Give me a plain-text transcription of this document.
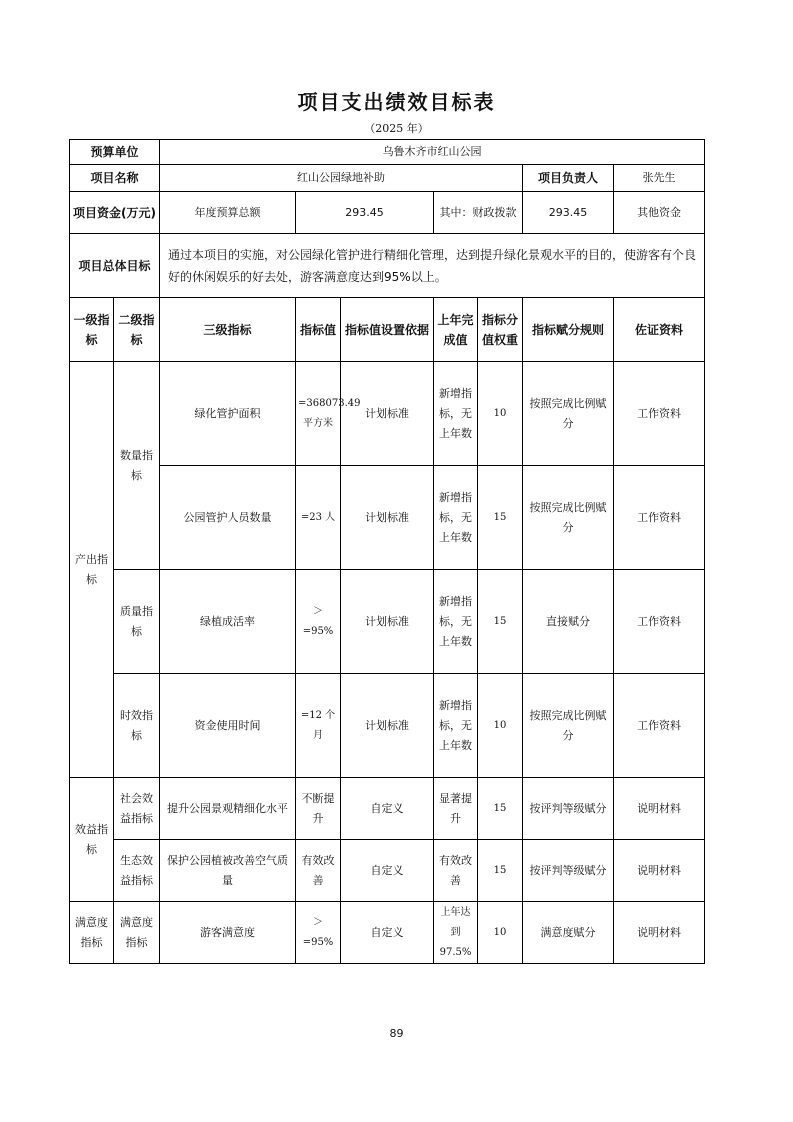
项目支出绩效目标表
（2025 年）
预算单位		乌鲁木齐市红山公园							
项目名称		红山公园绿地补助					项目负责人	张先生	
项目资金(万元)		年度预算总额	293.45		其中：财政拨款		293.45	其他资金	
项目总体目标		通过本项目的实施，对公园绿化管护进行精细化管理，达到提升绿化景观水平的目的，使游客有个良好的休闲娱乐的好去处，游客满意度达到95%以上。							
一级指标	二级指标	三级指标	指标值	指标值设置依据	上年完成值	指标分值权重	指标赋分规则	佐证资料	
产出指标	数量指标	绿化管护面积	=368073.49平方米	计划标准	新增指标，无上年数	10	按照完成比例赋分	工作资料	
		公园管护人员数量	=23 人	计划标准	新增指标，无上年数	15	按照完成比例赋分	工作资料	
	质量指标	绿植成活率	＞=95%	计划标准	新增指标，无上年数	15	直接赋分	工作资料	
	时效指标	资金使用时间	=12 个月	计划标准	新增指标，无上年数	10	按照完成比例赋分	工作资料	
效益指标	社会效益指标	提升公园景观精细化水平	不断提升	自定义	显著提升	15	按评判等级赋分	说明材料	
	生态效益指标	保护公园植被改善空气质量	有效改善	自定义	有效改善	15	按评判等级赋分	说明材料	
满意度指标	满意度指标	游客满意度	＞=95%	自定义	上年达到97.5%	10	满意度赋分	说明材料	
89
